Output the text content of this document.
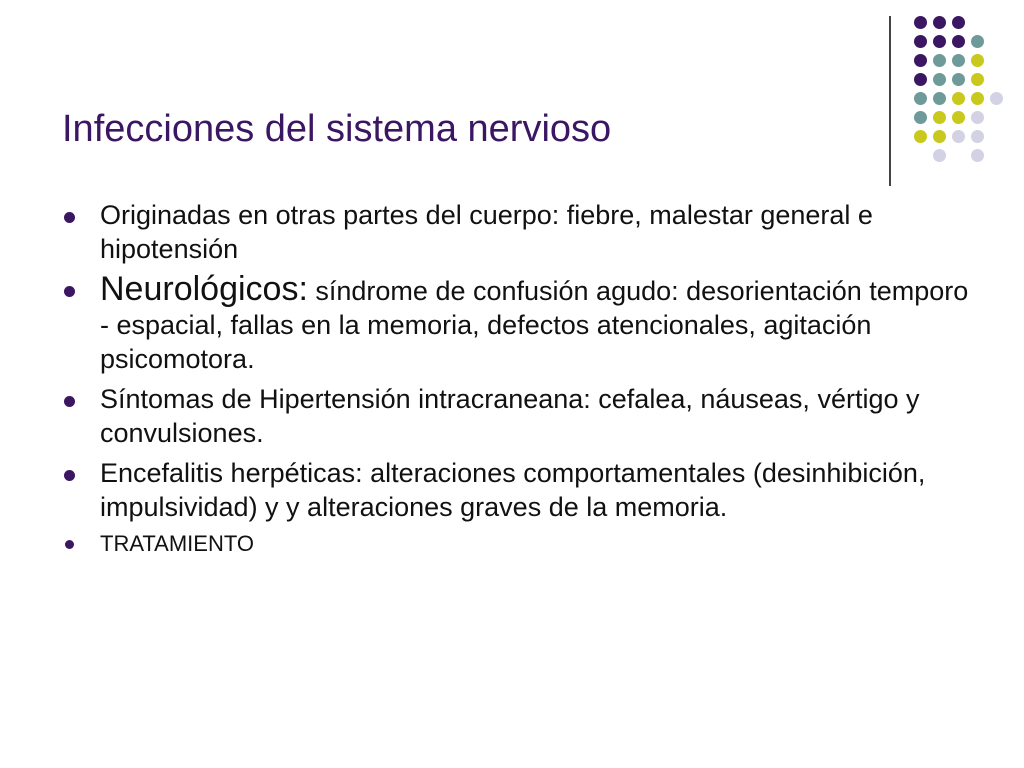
Infecciones del sistema nervioso
Originadas en otras partes del cuerpo: fiebre, malestar general e hipotensión
Neurológicos: síndrome de confusión agudo: desorientación temporo - espacial, fallas en la memoria, defectos atencionales, agitación psicomotora.
Síntomas de Hipertensión intracraneana: cefalea, náuseas, vértigo y convulsiones.
Encefalitis herpéticas: alteraciones comportamentales (desinhibición, impulsividad) y y alteraciones graves de la memoria.
TRATAMIENTO
